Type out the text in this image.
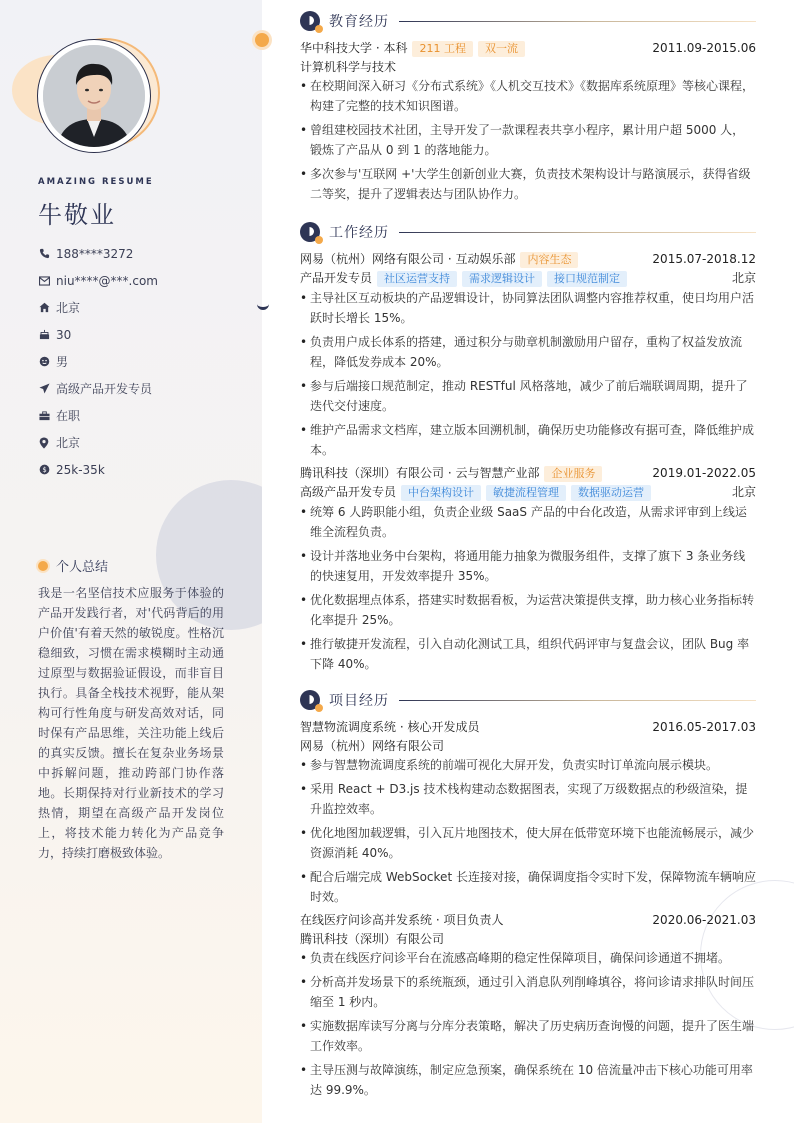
AMAZING RESUME
牛敬业
188****3272
niu****@***.com
北京
30
男
高级产品开发专员
在职
北京
$ 25k-35k
个人总结
我是一名坚信技术应服务于体验的产品开发践行者，对'代码背后的用户价值'有着天然的敏锐度。性格沉稳细致，习惯在需求模糊时主动通过原型与数据验证假设，而非盲目执行。具备全栈技术视野，能从架构可行性角度与研发高效对话，同时保有产品思维，关注功能上线后的真实反馈。擅长在复杂业务场景中拆解问题，推动跨部门协作落地。长期保持对行业新技术的学习热情，期望在高级产品开发岗位上，将技术能力转化为产品竞争力，持续打磨极致体验。
教育经历
华中科技大学 · 本科	211 工程	双一流	2011.09-2015.06
计算机科学与技术
• 在校期间深入研习《分布式系统》《人机交互技术》《数据库系统原理》等核心课程，构建了完整的技术知识图谱。
• 曾组建校园技术社团，主导开发了一款课程表共享小程序，累计用户超 5000 人，锻炼了产品从 0 到 1 的落地能力。
• 多次参与'互联网 +'大学生创新创业大赛，负责技术架构设计与路演展示，获得省级二等奖，提升了逻辑表达与团队协作力。
工作经历
网易（杭州）网络有限公司 · 互动娱乐部	内容生态	2015.07-2018.12
产品开发专员	社区运营支持	需求逻辑设计	接口规范制定	北京
• 主导社区互动板块的产品逻辑设计，协同算法团队调整内容推荐权重，使日均用户活跃时长增长 15%。
• 负责用户成长体系的搭建，通过积分与勋章机制激励用户留存，重构了权益发放流程，降低发券成本 20%。
• 参与后端接口规范制定，推动 RESTful 风格落地，减少了前后端联调周期，提升了迭代交付速度。
• 维护产品需求文档库，建立版本回溯机制，确保历史功能修改有据可查，降低维护成本。
腾讯科技（深圳）有限公司 · 云与智慧产业部	企业服务	2019.01-2022.05
高级产品开发专员	中台架构设计	敏捷流程管理	数据驱动运营	北京
• 统筹 6 人跨职能小组，负责企业级 SaaS 产品的中台化改造，从需求评审到上线运维全流程负责。
• 设计并落地业务中台架构，将通用能力抽象为微服务组件，支撑了旗下 3 条业务线的快速复用，开发效率提升 35%。
• 优化数据埋点体系，搭建实时数据看板，为运营决策提供支撑，助力核心业务指标转化率提升 25%。
• 推行敏捷开发流程，引入自动化测试工具，组织代码评审与复盘会议，团队 Bug 率下降 40%。
项目经历
智慧物流调度系统 · 核心开发成员	2016.05-2017.03
网易（杭州）网络有限公司
• 参与智慧物流调度系统的前端可视化大屏开发，负责实时订单流向展示模块。
• 采用 React + D3.js 技术栈构建动态数据图表，实现了万级数据点的秒级渲染，提升监控效率。
• 优化地图加载逻辑，引入瓦片地图技术，使大屏在低带宽环境下也能流畅展示，减少资源消耗 40%。
• 配合后端完成 WebSocket 长连接对接，确保调度指令实时下发，保障物流车辆响应时效。
在线医疗问诊高并发系统 · 项目负责人	2020.06-2021.03
腾讯科技（深圳）有限公司
• 负责在线医疗问诊平台在流感高峰期的稳定性保障项目，确保问诊通道不拥堵。
• 分析高并发场景下的系统瓶颈，通过引入消息队列削峰填谷，将问诊请求排队时间压缩至 1 秒内。
• 实施数据库读写分离与分库分表策略，解决了历史病历查询慢的问题，提升了医生端工作效率。
• 主导压测与故障演练，制定应急预案，确保系统在 10 倍流量冲击下核心功能可用率达 99.9%。
